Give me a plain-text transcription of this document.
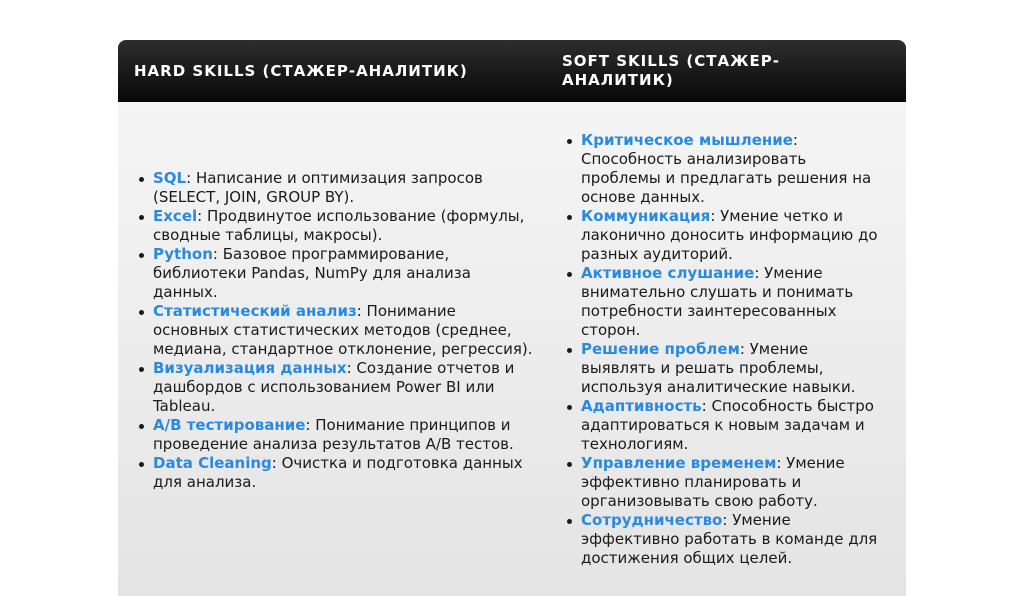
HARD SKILLS (СТАЖЕР-АНАЛИТИК)
SOFT SKILLS (СТАЖЕР-АНАЛИТИК)
SQL: Написание и оптимизация запросов (SELECT, JOIN, GROUP BY).
Excel: Продвинутое использование (формулы, сводные таблицы, макросы).
Python: Базовое программирование, библиотеки Pandas, NumPy для анализа данных.
Статистический анализ: Понимание основных статистических методов (среднее, медиана, стандартное отклонение, регрессия).
Визуализация данных: Создание отчетов и дашбордов с использованием Power BI или Tableau.
A/B тестирование: Понимание принципов и проведение анализа результатов A/B тестов.
Data Cleaning: Очистка и подготовка данных для анализа.
Критическое мышление: Способность анализировать проблемы и предлагать решения на основе данных.
Коммуникация: Умение четко и лаконично доносить информацию до разных аудиторий.
Активное слушание: Умение внимательно слушать и понимать потребности заинтересованных сторон.
Решение проблем: Умение выявлять и решать проблемы, используя аналитические навыки.
Адаптивность: Способность быстро адаптироваться к новым задачам и технологиям.
Управление временем: Умение эффективно планировать и организовывать свою работу.
Сотрудничество: Умение эффективно работать в команде для достижения общих целей.
